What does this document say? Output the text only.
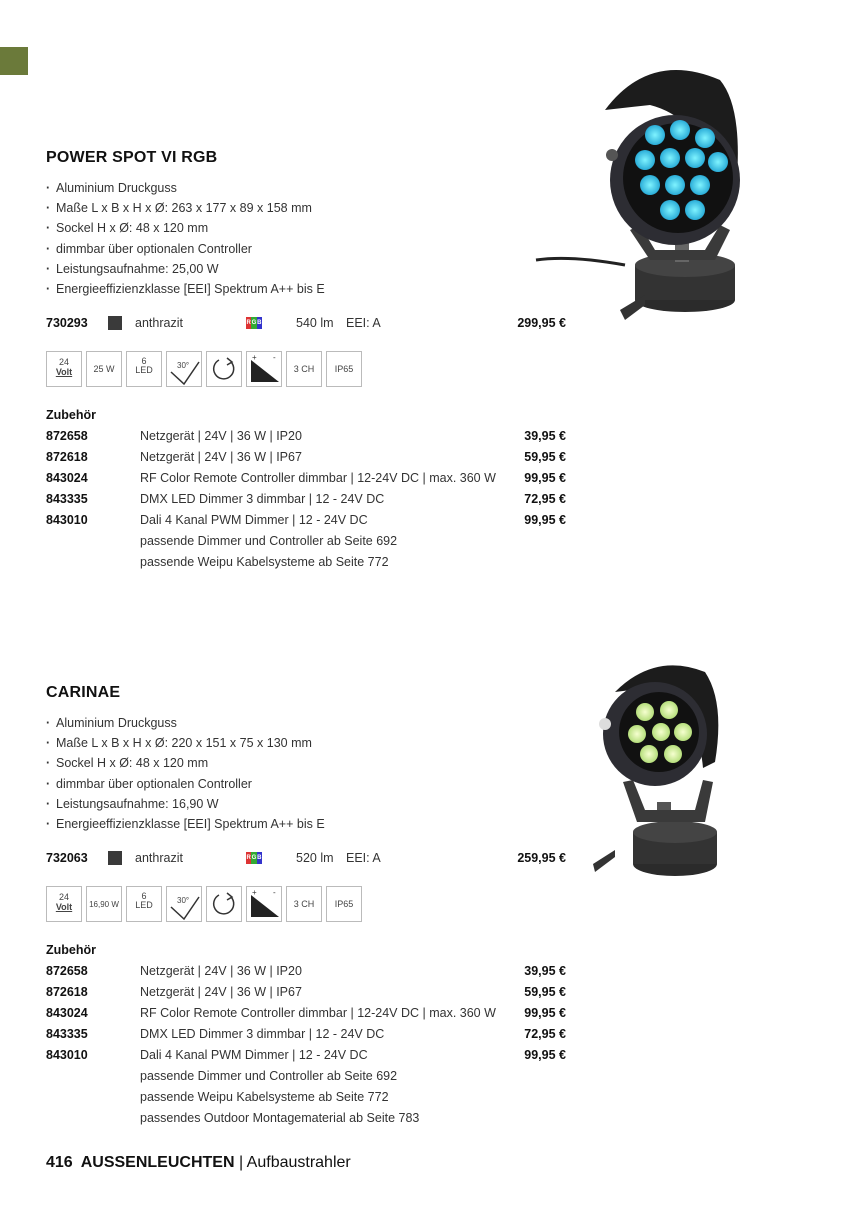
POWER SPOT VI RGB
· Aluminium Druckguss
· Maße L x B x H x Ø: 263 x 177 x 89 x 158 mm
· Sockel H x Ø: 48 x 120 mm
· dimmbar über optionalen Controller
· Leistungsaufnahme: 25,00 W
· Energieeffizienzklasse [EEI] Spektrum A++ bis E
730293	anthrazit	R G B	540 lm EEI: A	299,95 €
24
Volt	25 W
6
LED	30°
+ -
3 CH IP65
Zubehör
872658	Netzgerät | 24V | 36 W | IP20	39,95 €
872618	Netzgerät | 24V | 36 W | IP67	59,95 €
843024	RF Color Remote Controller dimmbar | 12-24V DC | max. 360 W	99,95 €
843335	DMX LED Dimmer 3 dimmbar | 12 - 24V DC	72,95 €
843010	Dali 4 Kanal PWM Dimmer | 12 - 24V DC	99,95 €
passende Dimmer und Controller ab Seite 692
passende Weipu Kabelsysteme ab Seite 772
CARINAE
· Aluminium Druckguss
· Maße L x B x H x Ø: 220 x 151 x 75 x 130 mm
· Sockel H x Ø: 48 x 120 mm
· dimmbar über optionalen Controller
· Leistungsaufnahme: 16,90 W
· Energieeffizienzklasse [EEI] Spektrum A++ bis E
732063	anthrazit	R G B	520 lm EEI: A	259,95 €
24
Volt	16,90 W
6
LED	30°
+ -
3 CH IP65
Zubehör
872658	Netzgerät | 24V | 36 W | IP20	39,95 €
872618	Netzgerät | 24V | 36 W | IP67	59,95 €
843024	RF Color Remote Controller dimmbar | 12-24V DC | max. 360 W	99,95 €
843335	DMX LED Dimmer 3 dimmbar | 12 - 24V DC	72,95 €
843010	Dali 4 Kanal PWM Dimmer | 12 - 24V DC	99,95 €
passende Dimmer und Controller ab Seite 692
passende Weipu Kabelsysteme ab Seite 772
passendes Outdoor Montagematerial ab Seite 783
416 AUSSENLEUCHTEN | Aufbaustrahler
